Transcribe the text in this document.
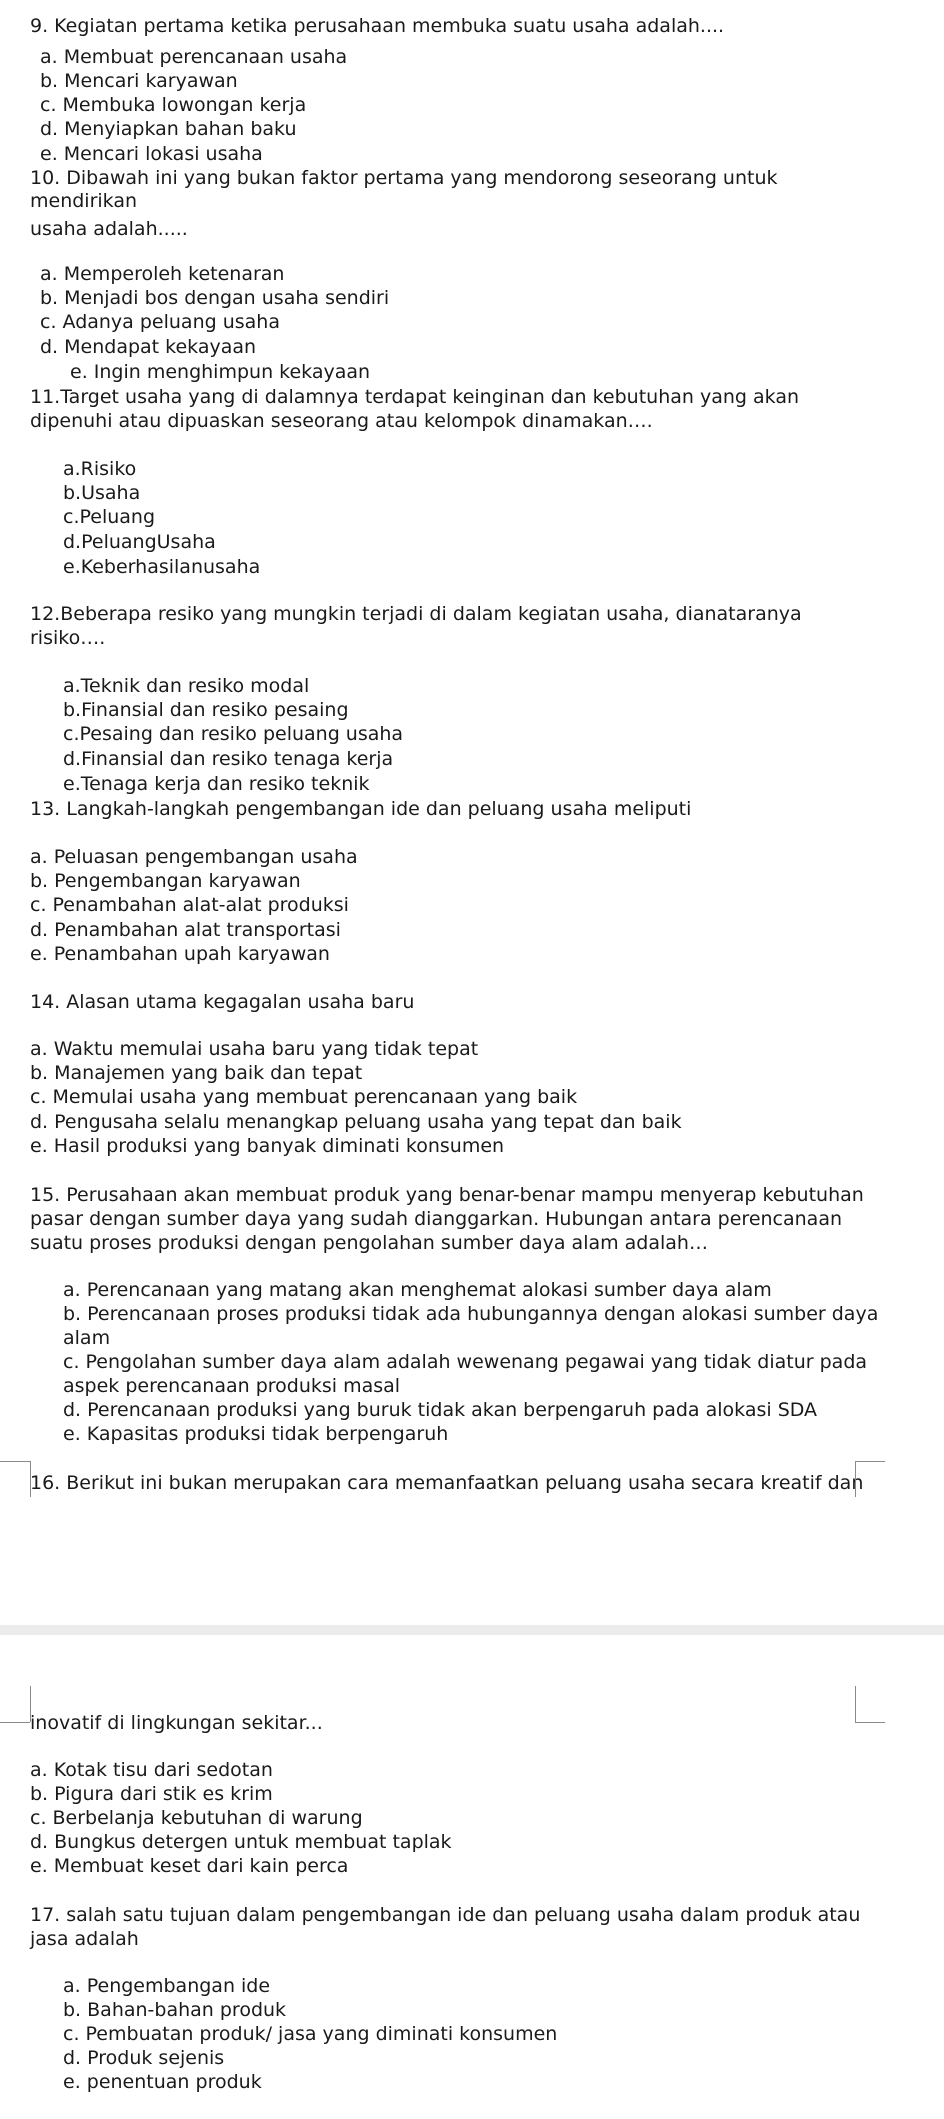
9. Kegiatan pertama ketika perusahaan membuka suatu usaha adalah....
a. Membuat perencanaan usaha
b. Mencari karyawan
c. Membuka lowongan kerja
d. Menyiapkan bahan baku
e. Mencari lokasi usaha
10. Dibawah ini yang bukan faktor pertama yang mendorong seseorang untuk
mendirikan
usaha adalah.....
a. Memperoleh ketenaran
b. Menjadi bos dengan usaha sendiri
c. Adanya peluang usaha
d. Mendapat kekayaan
e. Ingin menghimpun kekayaan
11.Target usaha yang di dalamnya terdapat keinginan dan kebutuhan yang akan
dipenuhi atau dipuaskan seseorang atau kelompok dinamakan….
a.Risiko
b.Usaha
c.Peluang
d.PeluangUsaha
e.Keberhasilanusaha
12.Beberapa resiko yang mungkin terjadi di dalam kegiatan usaha, dianataranya
risiko….
a.Teknik dan resiko modal
b.Finansial dan resiko pesaing
c.Pesaing dan resiko peluang usaha
d.Finansial dan resiko tenaga kerja
e.Tenaga kerja dan resiko teknik
13. Langkah-langkah pengembangan ide dan peluang usaha meliputi
a. Peluasan pengembangan usaha
b. Pengembangan karyawan
c. Penambahan alat-alat produksi
d. Penambahan alat transportasi
e. Penambahan upah karyawan
14. Alasan utama kegagalan usaha baru
a. Waktu memulai usaha baru yang tidak tepat
b. Manajemen yang baik dan tepat
c. Memulai usaha yang membuat perencanaan yang baik
d. Pengusaha selalu menangkap peluang usaha yang tepat dan baik
e. Hasil produksi yang banyak diminati konsumen
15. Perusahaan akan membuat produk yang benar-benar mampu menyerap kebutuhan
pasar dengan sumber daya yang sudah dianggarkan. Hubungan antara perencanaan
suatu proses produksi dengan pengolahan sumber daya alam adalah…
a. Perencanaan yang matang akan menghemat alokasi sumber daya alam
b. Perencanaan proses produksi tidak ada hubungannya dengan alokasi sumber daya
alam
c. Pengolahan sumber daya alam adalah wewenang pegawai yang tidak diatur pada
aspek perencanaan produksi masal
d. Perencanaan produksi yang buruk tidak akan berpengaruh pada alokasi SDA
e. Kapasitas produksi tidak berpengaruh
16. Berikut ini bukan merupakan cara memanfaatkan peluang usaha secara kreatif dan
inovatif di lingkungan sekitar...
a. Kotak tisu dari sedotan
b. Pigura dari stik es krim
c. Berbelanja kebutuhan di warung
d. Bungkus detergen untuk membuat taplak
e. Membuat keset dari kain perca
17. salah satu tujuan dalam pengembangan ide dan peluang usaha dalam produk atau
jasa adalah
a. Pengembangan ide
b. Bahan-bahan produk
c. Pembuatan produk/ jasa yang diminati konsumen
d. Produk sejenis
e. penentuan produk
